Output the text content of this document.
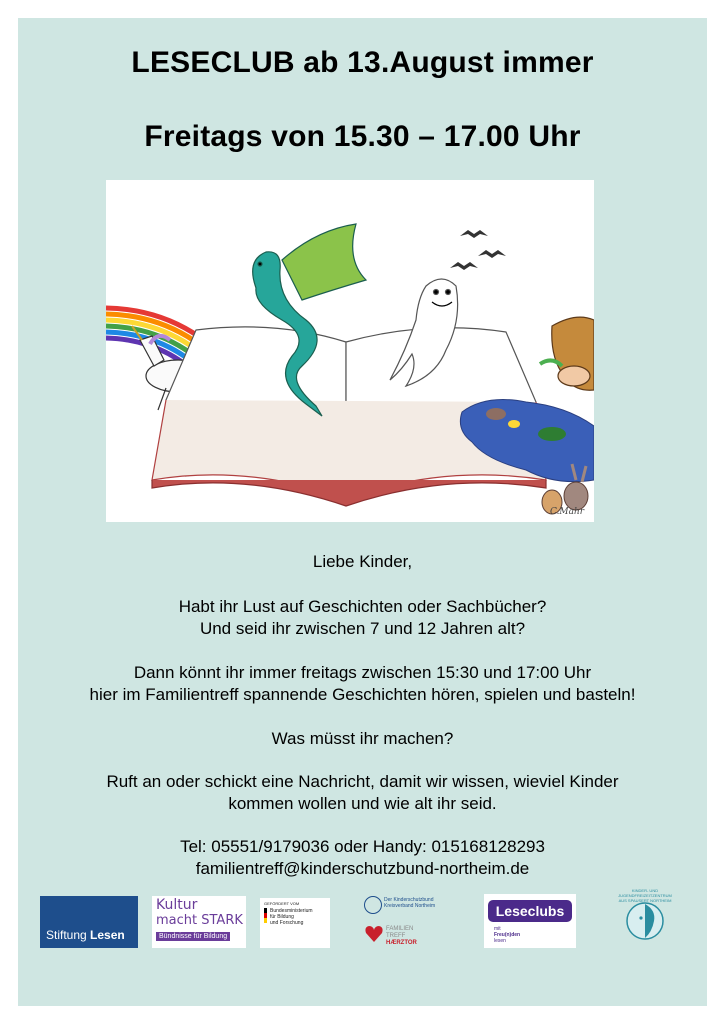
LESECLUB ab 13.August immer
Freitags von 15.30 – 17.00 Uhr
C.Mahr
Liebe Kinder,
Habt ihr Lust auf Geschichten oder Sachbücher?
Und seid ihr zwischen 7 und 12 Jahren alt?
Dann könnt ihr immer freitags zwischen 15:30 und 17:00 Uhr
hier im Familientreff spannende Geschichten hören, spielen und basteln!
Was müsst ihr machen?
Ruft an oder schickt eine Nachricht, damit wir wissen, wieviel Kinder
kommen wollen und wie alt ihr seid.
Tel: 05551/9179036 oder Handy: 015168128293
familientreff@kinderschutzbund-northeim.de
Stiftung Lesen
Kultur
macht STARK
Bündnisse für Bildung
GEFÖRDERT VOM
Bundesministerium
für Bildung
und Forschung
Der Kinderschutzbund
Kreisverband Northeim
FAMILIEN
TREFF
HÆRZTOR
Leseclubs
mit
Freu(n)den
lesen
KINDER- UND JUGENDFREIZEITZENTRUM AUS SPAUSERT NORTHEIM
